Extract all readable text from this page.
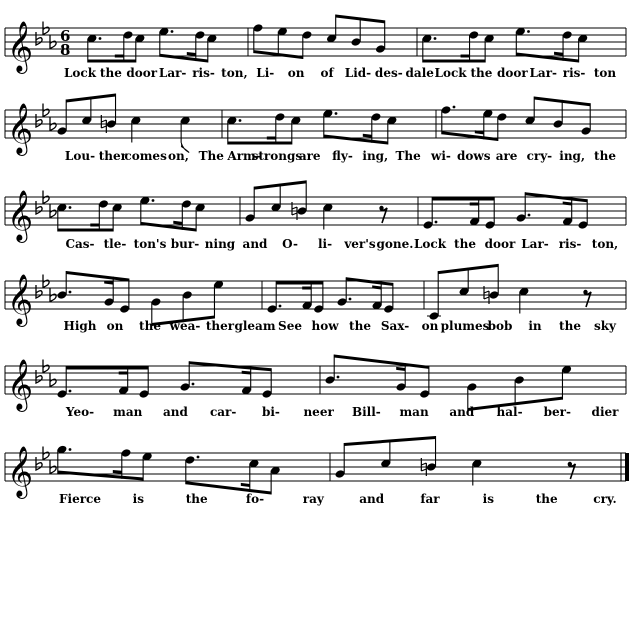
𝄞 6
8
𝄞
𝄞
𝄞
𝄞
𝄞
Lock the door Lar- ris- ton, Li- on of Lid- des- dale Lock the door Lar- ris- ton
Lou- ther
comes on, The Arm-
strongs
are fly- ing, The wi- dows are cry- ing, the
Cas- tle- ton's bur- ning and O- li- ver's gone. Lock the door Lar- ris- ton,
High on the wea- ther gleam See how the Sax- on plumes
bob in the sky
Yeo- man and car- bi- neer Bill- man and hal- ber- dier
Fierce	is	the	fo-	ray	and	far	is	the	cry.
